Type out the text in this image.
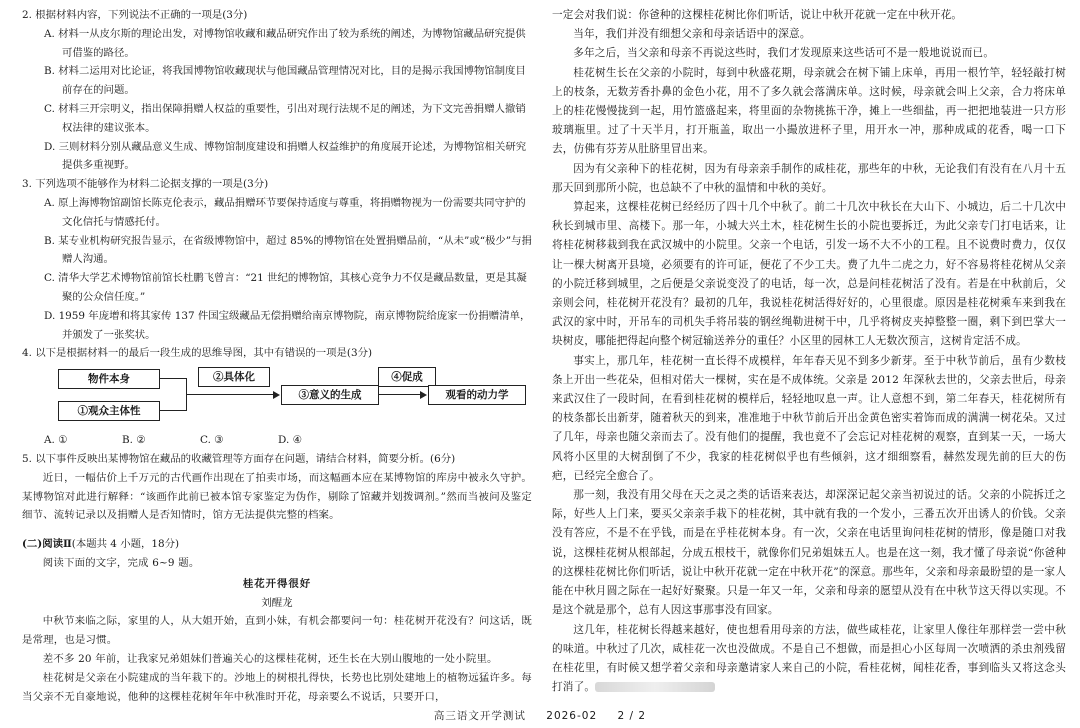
2. 根据材料内容，下列说法不正确的一项是(3分)

A. 材料一从皮尔斯的理论出发，对博物馆收藏和藏品研究作出了较为系统的阐述，为博物馆藏品研究提供可借鉴的路径。

B. 材料二运用对比论证，将我国博物馆收藏现状与他国藏品管理情况对比，目的是揭示我国博物馆制度目前存在的问题。

C. 材料三开宗明义，指出保障捐赠人权益的重要性，引出对现行法规不足的阐述，为下文完善捐赠人撤销权法律的建议张本。

D. 三则材料分别从藏品意义生成、博物馆制度建设和捐赠人权益维护的角度展开论述，为博物馆相关研究提供多重视野。

3. 下列选项不能够作为材料二论据支撑的一项是(3分)

A. 原上海博物馆副馆长陈克伦表示，藏品捐赠环节要保持适度与尊重，将捐赠物视为一份需要共同守护的文化信托与情感托付。

B. 某专业机构研究报告显示，在省级博物馆中，超过 85%的博物馆在处置捐赠品前，“从未”或“极少”与捐赠人沟通。

C. 清华大学艺术博物馆前馆长杜鹏飞曾言：“21 世纪的博物馆，其核心竞争力不仅是藏品数量，更是其凝聚的公众信任度。”

D. 1959 年庞增和将其家传 137 件国宝级藏品无偿捐赠给南京博物院，南京博物院给庞家一份捐赠清单，并颁发了一张奖状。

4. 以下是根据材料一的最后一段生成的思维导图，其中有错误的一项是(3分)

物件本身
①观众主体性
②具体化
③意义的生成
④促成
观看的动力学
A. ①	B. ②	C. ③	D. ④

5. 以下事件反映出某博物馆在藏品的收藏管理等方面存在问题，请结合材料，简要分析。(6分)

近日，一幅估价上千万元的古代画作出现在了拍卖市场，而这幅画本应在某博物馆的库房中被永久守护。某博物馆对此进行解释：“该画作此前已被本馆专家鉴定为伪作，剔除了馆藏并划拨调剂。”然而当被问及鉴定细节、流转记录以及捐赠人是否知情时，馆方无法提供完整的档案。

(二)阅读Ⅱ(本题共 4 小题，18分)

阅读下面的文字，完成 6~9 题。

桂花开得很好

刘醒龙

中秋节来临之际，家里的人，从大姐开始，直到小妹，有机会都要问一句：桂花树开花没有？问这话，既是常理，也是习惯。

差不多 20 年前，让我家兄弟姐妹们普遍关心的这棵桂花树，还生长在大别山腹地的一处小院里。

桂花树是父亲在小院建成的当年栽下的。沙地上的树根扎得快，长势也比别处建地上的植物远猛许多。每当父亲不无自豪地说，他种的这棵桂花树年年中秋准时开花，母亲要么不说话，只要开口，

一定会对我们说：你爸种的这棵桂花树比你们听话，说让中秋开花就一定在中秋开花。

当年，我们并没有细想父亲和母亲话语中的深意。

多年之后，当父亲和母亲不再说这些时，我们才发现原来这些话可不是一般地说说而已。

桂花树生长在父亲的小院时，每到中秋盛花期，母亲就会在树下铺上床单，再用一根竹竿，轻轻敲打树上的枝条，无数芳香扑鼻的金色小花，用不了多久就会落满床单。这时候，母亲就会叫上父亲，合力将床单上的桂花慢慢拢到一起，用竹篮盛起来，将里面的杂物挑拣干净，摊上一些细盐，再一把把地装进一只方形玻璃瓶里。过了十天半月，打开瓶盖，取出一小撮放进杯子里，用开水一冲，那种成咸的花香，喝一口下去，仿佛有芬芳从肚脐里冒出来。

因为有父亲种下的桂花树，因为有母亲亲手制作的咸桂花，那些年的中秋，无论我们有没有在八月十五那天回到那所小院，也总缺不了中秋的温情和中秋的美好。

算起来，这棵桂花树已经经历了四十几个中秋了。前二十几次中秋长在大山下、小城边，后二十几次中秋长到城市里、高楼下。那一年，小城大兴土木，桂花树生长的小院也要拆迁，为此父亲专门打电话来，让将桂花树移栽到我在武汉城中的小院里。父亲一个电话，引发一场不大不小的工程。且不说费时费力，仅仅让一棵大树离开县境，必须要有的许可证，便花了不少工夫。费了九牛二虎之力，好不容易将桂花树从父亲的小院迁移到城里，之后便是父亲说变没了的电话，每一次，总是问桂花树活了没有。若是在中秋前后，父亲则会问，桂花树开花没有？最初的几年，我说桂花树活得好好的，心里很虚。原因是桂花树乘车来到我在武汉的家中时，开吊车的司机失手将吊装的钢丝绳勒进树干中，几乎将树皮夹掉整整一圈，剩下到巴掌大一块树皮，哪能把得起向整个树冠输送养分的重任？小区里的园林工人无数次预言，这树肯定活不成。

事实上，那几年，桂花树一直长得不成模样，年年春天见不到多少新芽。至于中秋节前后，虽有少数枝条上开出一些花朵，但相对偌大一棵树，实在是不成体统。父亲是 2012 年深秋去世的，父亲去世后，母亲来武汉住了一段时间，在看到桂花树的模样后，轻轻地叹息一声。让人意想不到，第二年春天，桂花树所有的枝条都长出新芽，随着秋天的到来，准准地于中秋节前后开出金黄色密实着饰而成的满满一树花朵。又过了几年，母亲也随父亲而去了。没有他们的提醒，我也竟不了会忘记对桂花树的观察，直到某一天，一场大风将小区里的大树刮倒了不少，我家的桂花树似乎也有些倾斜，这才细细察看，赫然发现先前的巨大的伤疤，已经完全愈合了。

那一刻，我没有用父母在天之灵之类的话语来表达，却深深记起父亲当初说过的话。父亲的小院拆迁之际，好些人上门来，要买父亲亲手栽下的桂花树，其中就有我的一个发小，三番五次开出诱人的价钱。父亲没有答应，不是不在乎钱，而是在乎桂花树本身。有一次，父亲在电话里询问桂花树的情形，像是随口对我说，这棵桂花树从根部起，分成五根枝干，就像你们兄弟姐妹五人。也是在这一刻，我才懂了母亲说“你爸种的这棵桂花树比你们听话，说让中秋开花就一定在中秋开花”的深意。那些年，父亲和母亲最盼望的是一家人能在中秋月圆之际在一起好好聚聚。只是一年又一年，父亲和母亲的愿望从没有在中秋节这天得以实现。不是这个就是那个，总有人因这事那事没有回家。

这几年，桂花树长得越来越好，使也想看用母亲的方法，做些咸桂花，让家里人像往年那样尝一尝中秋的味道。中秋过了几次，咸桂花一次也没做成。不是自己不想做，而是担心小区每周一次喷洒的杀虫剂残留在桂花里，有时候又想学着父亲和母亲邀请家人来自己的小院，看桂花树，闻桂花香，事到临头又将这念头打消了。

高三语文开学测试 2026-02 2 / 2
